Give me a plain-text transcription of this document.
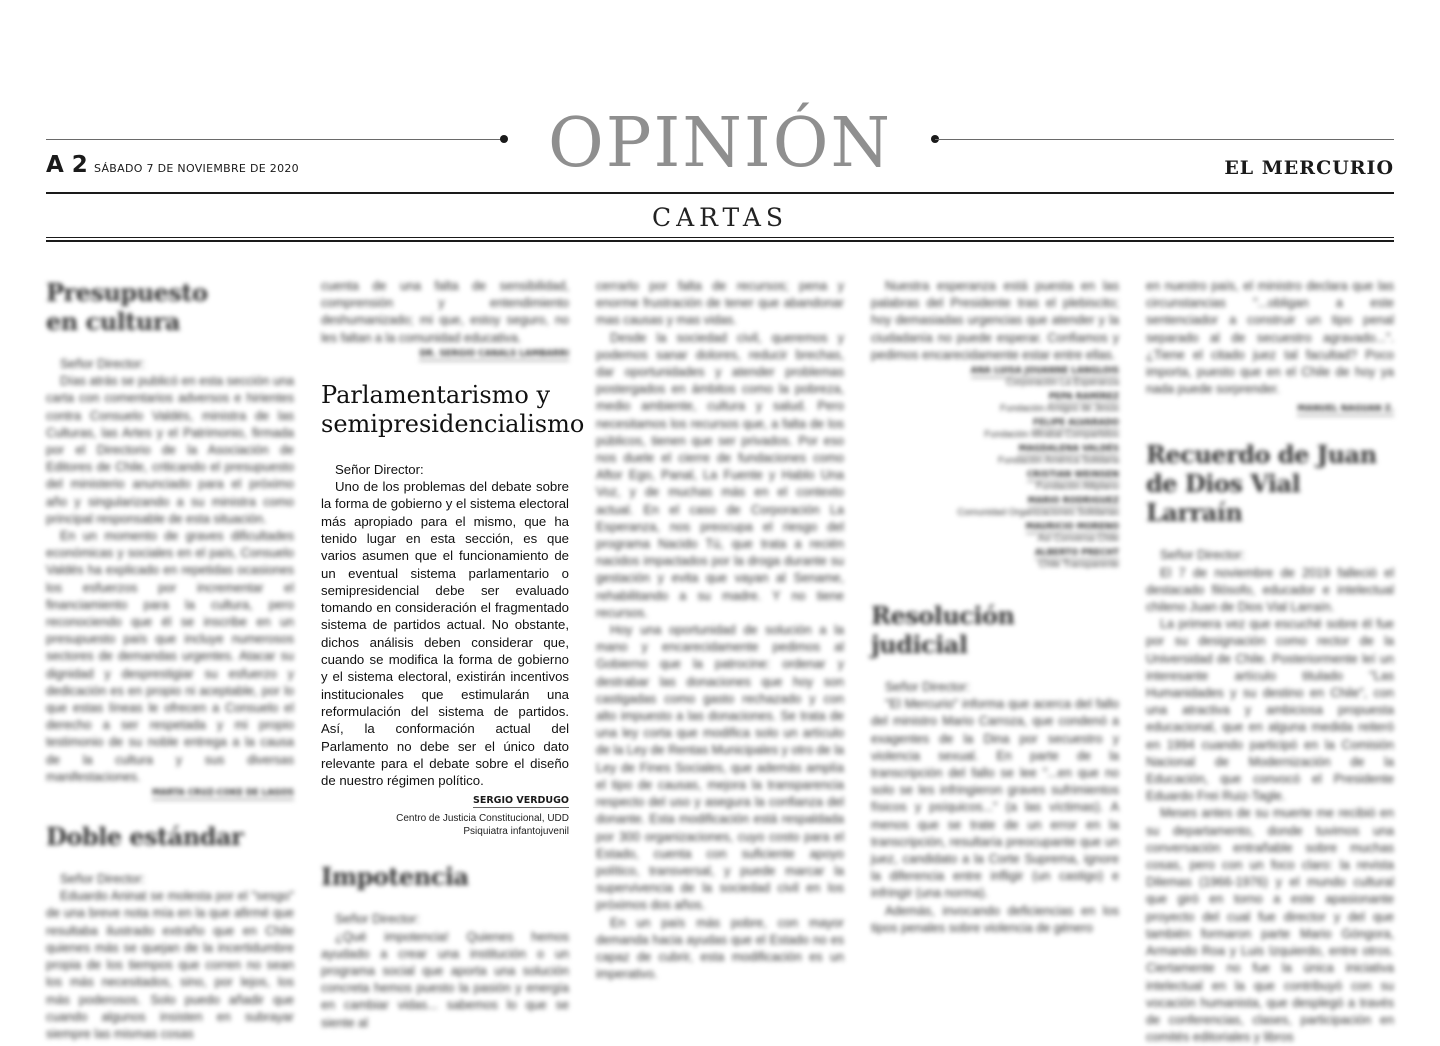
OPINIÓN
A 2 SÁBADO 7 DE NOVIEMBRE DE 2020	EL MERCURIO
CARTAS
Presupuesto en cultura

Señor Director:

Días atrás se publicó en esta sección una carta con comentarios adversos e hirientes contra Consuelo Valdés, ministra de las Culturas, las Artes y el Patrimonio, firmada por el Directorio de la Asociación de Editores de Chile, criticando el presupuesto del ministerio anunciado para el próximo año y singularizando a su ministra como principal responsable de esta situación.

En un momento de graves dificultades económicas y sociales en el país, Consuelo Valdés ha explicado en repetidas ocasiones los esfuerzos por incrementar el financiamiento para la cultura, pero reconociendo que él se inscribe en un presupuesto país que incluye numerosos sectores de demandas urgentes. Atacar su dignidad y desprestigiar su esfuerzo y dedicación es en propio ni aceptable, por lo que estas líneas le ofrecen a Consuelo el derecho a ser respetada y mi propio testimonio de su noble entrega a la causa de la cultura y sus diversas manifestaciones.

MARTA CRUZ-COKE DE LAGOS
Doble estándar

Señor Director:

Eduardo Aninat se molesta por el "sesgo" de una breve nota mía en la que afirmé que resultaba ilustrado extraño que en Chile quienes más se quejan de la incertidumbre propia de los tiempos que corren no sean los más necesitados, sino, por lejos, los más poderosos. Solo puedo añadir que cuando algunos insisten en subrayar siempre las mismas cosas

cuenta de una falta de sensibilidad, comprensión y entendimiento deshumanizado; mi que, estoy seguro, no les faltan a la comunidad educativa.

DR. SERGIO CANALS LAMBARRI
Parlamentarismo y semipresidencialismo

Señor Director:

Uno de los problemas del debate sobre la forma de gobierno y el sistema electoral más apropiado para el mismo, que ha tenido lugar en esta sección, es que varios asumen que el funcionamiento de un eventual sistema parlamentario o semipresidencial debe ser evaluado tomando en consideración el fragmentado sistema de partidos actual. No obstante, dichos análisis deben considerar que, cuando se modifica la forma de gobierno y el sistema electoral, existirán incentivos institucionales que estimularán una reformulación del sistema de partidos. Así, la conformación actual del Parlamento no debe ser el único dato relevante para el debate sobre el diseño de nuestro régimen político.

SERGIO VERDUGO
Centro de Justicia Constitucional, UDD
Psiquiatra infantojuvenil
Impotencia

Señor Director:

¿Qué impotencia! Quienes hemos ayudado a crear una institución o un programa social que aporta una solución concreta hemos puesto la pasión y energía en cambiar vidas... sabemos lo que se siente al

cerrarlo por falta de recursos; pena y enorme frustración de tener que abandonar mas causas y mas vidas.

Desde la sociedad civil, queremos y podemos sanar dolores, reducir brechas, dar oportunidades y atender problemas postergados en ámbitos como la pobreza, medio ambiente, cultura y salud. Pero necesitamos los recursos que, a falta de los públicos, tienen que ser privados. Por eso nos duele el cierre de fundaciones como Aftor Ego, Panal, La Fuente y Hablo Una Voz, y de muchas más en el contexto actual. En el caso de Corporación La Esperanza, nos preocupa el riesgo del programa Nacido Tú, que trata a recién nacidos impactados por la droga durante su gestación y evita que vayan al Sename, rehabilitando a su madre. Y no tiene recursos.

Hoy una oportunidad de solución a la mano y encarecidamente pedimos al Gobierno que la patrocine: ordenar y destrabar las donaciones que hoy son castigadas como gasto rechazado y con alto impuesto a las donaciones. Se trata de una ley corta que modifica solo un artículo de la Ley de Rentas Municipales y otro de la Ley de Fines Sociales, que además amplía el tipo de causas, mejora la transparencia respecto del uso y asegura la confianza del donante. Esta modificación está respaldada por 300 organizaciones, cuyo costo para el Estado, cuenta con suficiente apoyo político, transversal, y puede marcar la supervivencia de la sociedad civil en los próximos dos años.

En un país más pobre, con mayor demanda hacia ayudas que el Estado no es capaz de cubrir, esta modificación es un imperativo.

Nuestra esperanza está puesta en las palabras del Presidente tras el plebiscito; hoy demasiadas urgencias que atender y la ciudadanía no puede esperar. Confiamos y pedimos encarecidamente estar entre ellas.

ANA LUISA JOUANNE LANGLOIS
Corporación La Esperanza
PEPA RAMÍREZ
Fundación Amigos de Jesús
FELIPE ALVARADO
Fundación Mirabal Compartidos
MAGDALENA VALDÉS
Fundación América Solidaria
CRISTIAN WEINSEN
Fundación Altiplano
MARIO RODRIGUEZ
Comunidad Organizaciones Solidarias
MAURICIO MORENO
Así Conversa Chile
ALBERTO PRECHT
Chile Transparente
Resolución judicial

Señor Director:

"El Mercurio" informa que acerca del fallo del ministro Mario Carroza, que condenó a exagentes de la Dina por secuestro y violencia sexual. En parte de la transcripción del fallo se lee "...en que no solo se les infringieron graves sufrimientos físicos y psíquicos..." (a las víctimas). A menos que se trate de un error en la transcripción, resultaría preocupante que un juez, candidato a la Corte Suprema, ignore la diferencia entre infligir (un castigo) e infringir (una norma).

Además, invocando deficiencias en los tipos penales sobre violencia de género

en nuestro país, el ministro declara que las circunstancias "...obligan a este sentenciador a construir un tipo penal separado al de secuestro agravado...". ¿Tiene el citado juez tal facultad? Poco importa, puesto que en el Chile de hoy ya nada puede sorprender.

MANUEL NAGUAN Z.
Recuerdo de Juan de Dios Vial Larraín

Señor Director:

El 7 de noviembre de 2019 falleció el destacado filósofo, educador e intelectual chileno Juan de Dios Vial Larraín.

La primera vez que escuché sobre él fue por su designación como rector de la Universidad de Chile. Posteriormente leí un interesante artículo titulado "Las Humanidades y su destino en Chile", con una atractiva y ambiciosa propuesta educacional, que en alguna medida reiteró en 1994 cuando participó en la Comisión Nacional de Modernización de la Educación, que convocó el Presidente Eduardo Frei Ruiz-Tagle.

Meses antes de su muerte me recibió en su departamento, donde tuvimos una conversación entrañable sobre muchas cosas, pero con un foco claro: la revista Dilemas (1966-1976) y el mundo cultural que giró en torno a este apasionante proyecto del cual fue director y del que también formaron parte Mario Góngora, Armando Roa y Luis Izquierdo, entre otros. Ciertamente no fue la única iniciativa intelectual en la que contribuyó con su vocación humanista, que desplegó a través de conferencias, clases, participación en comités editoriales y libros
